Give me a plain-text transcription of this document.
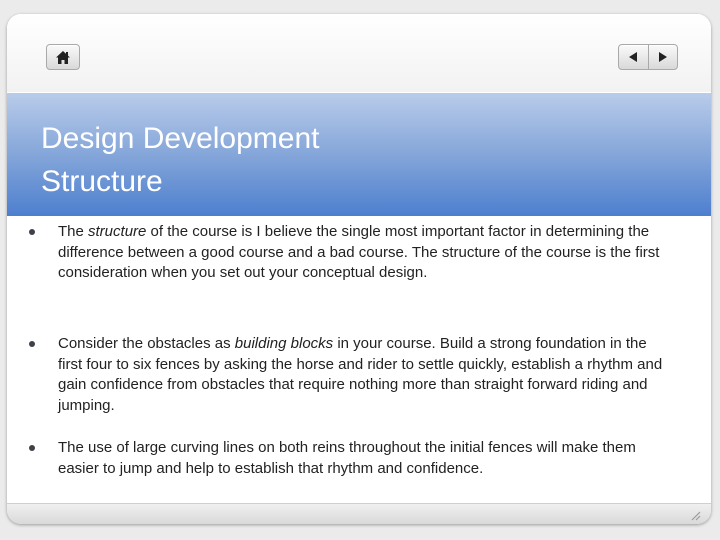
Design Development
Structure
The structure of the course is I believe the single most important factor in determining the difference between a good course and a bad course. The structure of the course is the first consideration when you set out your conceptual design.
Consider the obstacles as building blocks in your course. Build a strong foundation in the first four to six fences by asking the horse and rider to settle quickly, establish a rhythm and gain confidence from obstacles that require nothing more than straight forward riding and jumping.
The use of large curving lines on both reins throughout the initial fences will make them easier to jump and help to establish that rhythm and confidence.
